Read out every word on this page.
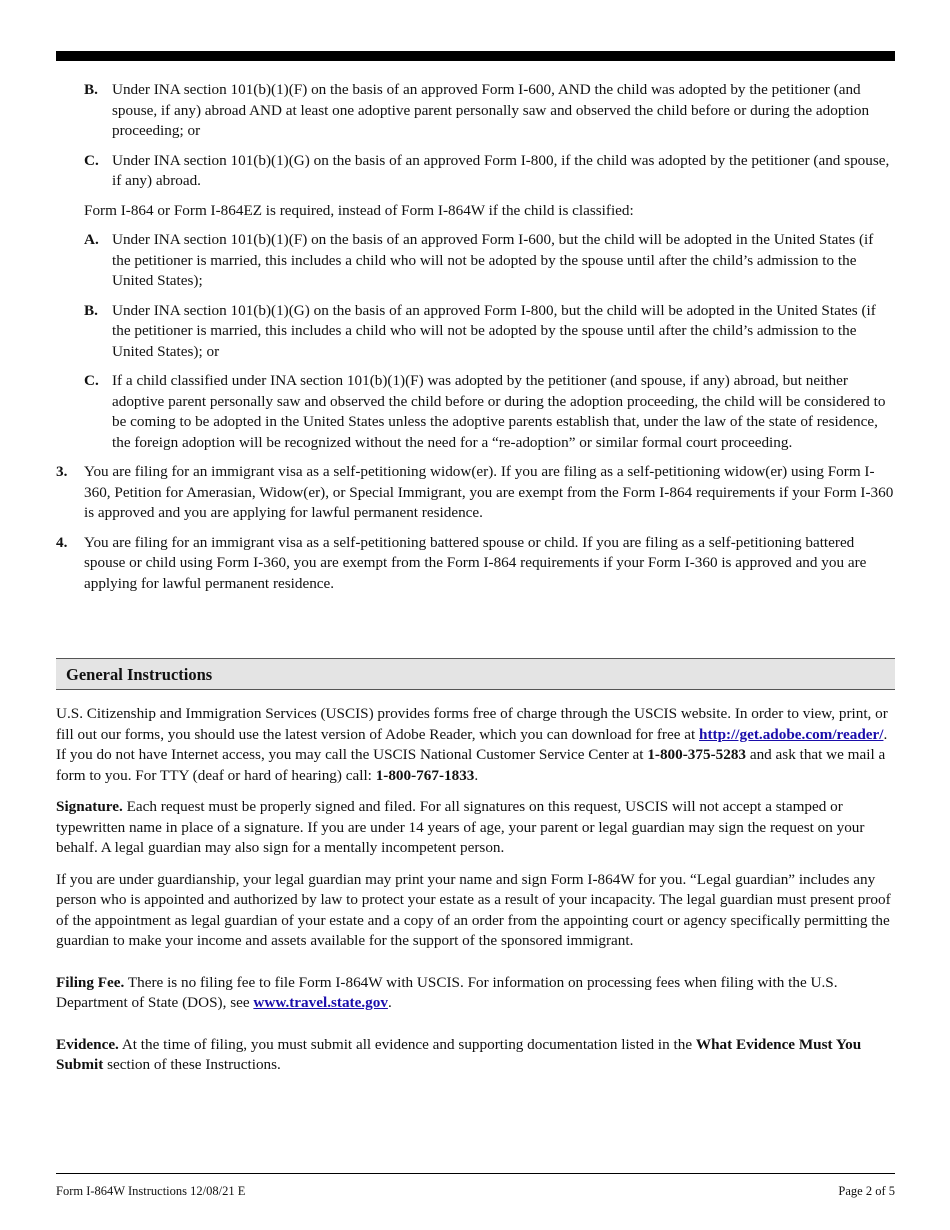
B. Under INA section 101(b)(1)(F) on the basis of an approved Form I-600, AND the child was adopted by the petitioner (and spouse, if any) abroad AND at least one adoptive parent personally saw and observed the child before or during the adoption proceeding; or
C. Under INA section 101(b)(1)(G) on the basis of an approved Form I-800, if the child was adopted by the petitioner (and spouse, if any) abroad.
Form I-864 or Form I-864EZ is required, instead of Form I-864W if the child is classified:
A. Under INA section 101(b)(1)(F) on the basis of an approved Form I-600, but the child will be adopted in the United States (if the petitioner is married, this includes a child who will not be adopted by the spouse until after the child’s admission to the United States);
B. Under INA section 101(b)(1)(G) on the basis of an approved Form I-800, but the child will be adopted in the United States (if the petitioner is married, this includes a child who will not be adopted by the spouse until after the child’s admission to the United States); or
C. If a child classified under INA section 101(b)(1)(F) was adopted by the petitioner (and spouse, if any) abroad, but neither adoptive parent personally saw and observed the child before or during the adoption proceeding, the child will be considered to be coming to be adopted in the United States unless the adoptive parents establish that, under the law of the state of residence, the foreign adoption will be recognized without the need for a “re-adoption” or similar formal court proceeding.
3. You are filing for an immigrant visa as a self-petitioning widow(er). If you are filing as a self-petitioning widow(er) using Form I-360, Petition for Amerasian, Widow(er), or Special Immigrant, you are exempt from the Form I-864 requirements if your Form I-360 is approved and you are applying for lawful permanent residence.
4. You are filing for an immigrant visa as a self-petitioning battered spouse or child. If you are filing as a self-petitioning battered spouse or child using Form I-360, you are exempt from the Form I-864 requirements if your Form I-360 is approved and you are applying for lawful permanent residence.
General Instructions

U.S. Citizenship and Immigration Services (USCIS) provides forms free of charge through the USCIS website. In order to view, print, or fill out our forms, you should use the latest version of Adobe Reader, which you can download for free at http://get.adobe.com/reader/. If you do not have Internet access, you may call the USCIS National Customer Service Center at 1-800-375-5283 and ask that we mail a form to you. For TTY (deaf or hard of hearing) call: 1-800-767-1833.

Signature. Each request must be properly signed and filed. For all signatures on this request, USCIS will not accept a stamped or typewritten name in place of a signature. If you are under 14 years of age, your parent or legal guardian may sign the request on your behalf. A legal guardian may also sign for a mentally incompetent person.

If you are under guardianship, your legal guardian may print your name and sign Form I-864W for you. “Legal guardian” includes any person who is appointed and authorized by law to protect your estate as a result of your incapacity. The legal guardian must present proof of the appointment as legal guardian of your estate and a copy of an order from the appointing court or agency specifically permitting the guardian to make your income and assets available for the support of the sponsored immigrant.

Filing Fee. There is no filing fee to file Form I-864W with USCIS. For information on processing fees when filing with the U.S. Department of State (DOS), see www.travel.state.gov.

Evidence. At the time of filing, you must submit all evidence and supporting documentation listed in the What Evidence Must You Submit section of these Instructions.

Form I-864W Instructions 12/08/21 E	Page 2 of 5
